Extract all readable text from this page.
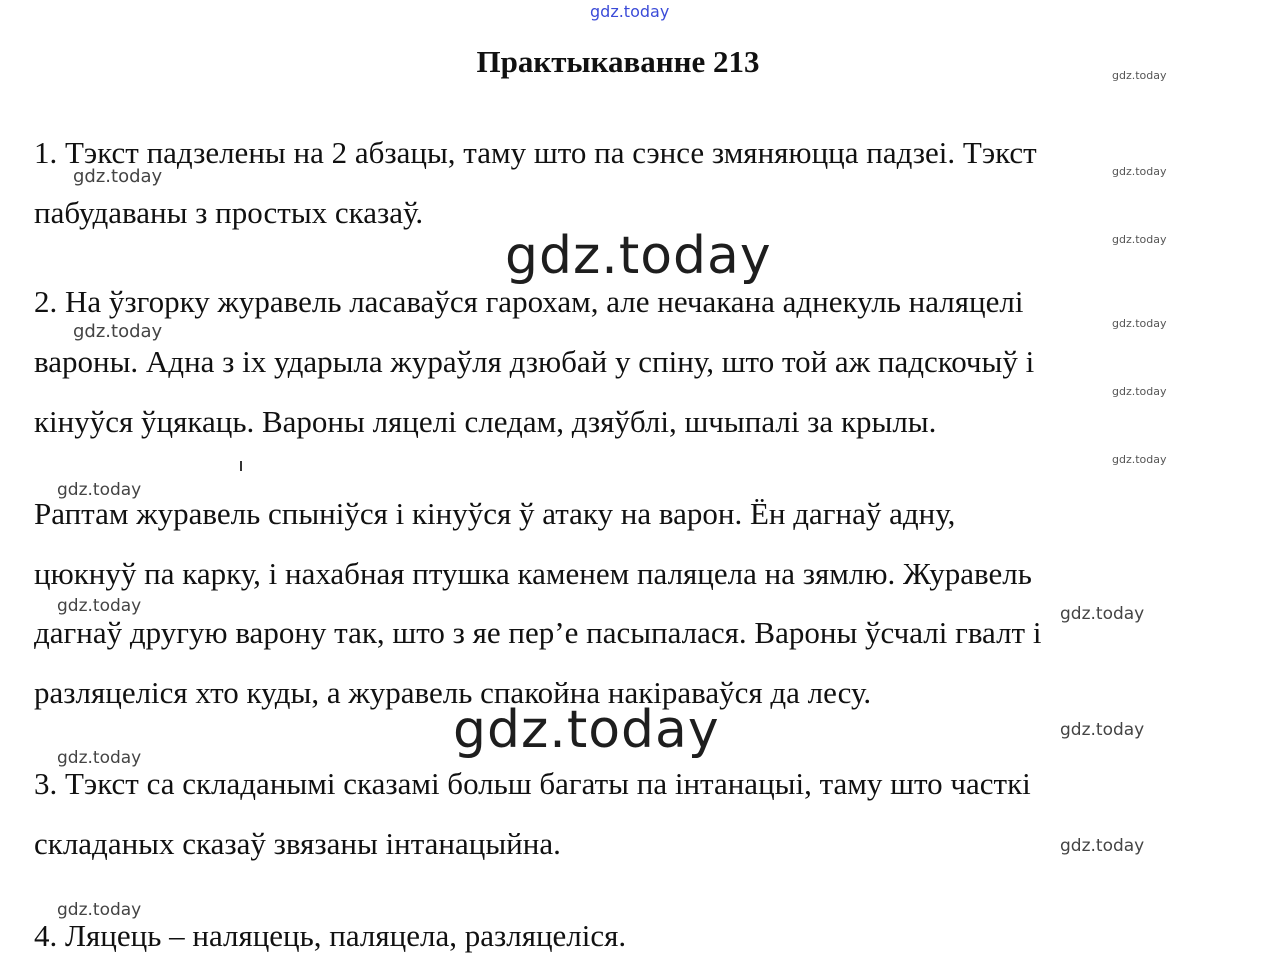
gdz.today
Практыкаванне 213	gdz.today
gdz.today
gdz.today
gdz.today
gdz.today
gdz.today
1. Тэкст падзелены на 2 абзацы, таму што па сэнсе змяняюцца падзеі. Тэкст
пабудаваны з простых сказаў.
2. На ўзгорку журавель ласаваўся гарохам, але нечакана аднекуль наляцелі
вароны. Адна з іх ударыла жураўля дзюбай у спіну, што той аж падскочыў і
кінуўся ўцякаць. Вароны ляцелі следам, дзяўблі, шчыпалі за крылы.
Раптам журавель спыніўся і кінуўся ў атаку на варон. Ён дагнаў адну,
цюкнуў па карку, і нахабная птушка каменем паляцела на зямлю. Журавель
дагнаў другую варону так, што з яе пер’е пасыпалася. Вароны ўсчалі гвалт і
разляцеліся хто куды, а журавель спакойна накіраваўся да лесу.
3. Тэкст са складанымі сказамі больш багаты па інтанацыі, таму што часткі
складаных сказаў звязаны інтанацыйна.
4. Ляцець – наляцець, паляцела, разляцеліся.
gdz.today
gdz.today
gdz.today
gdz.today
gdz.today
gdz.today
gdz.today
gdz.today
gdz.today
gdz.today
gdz.today
